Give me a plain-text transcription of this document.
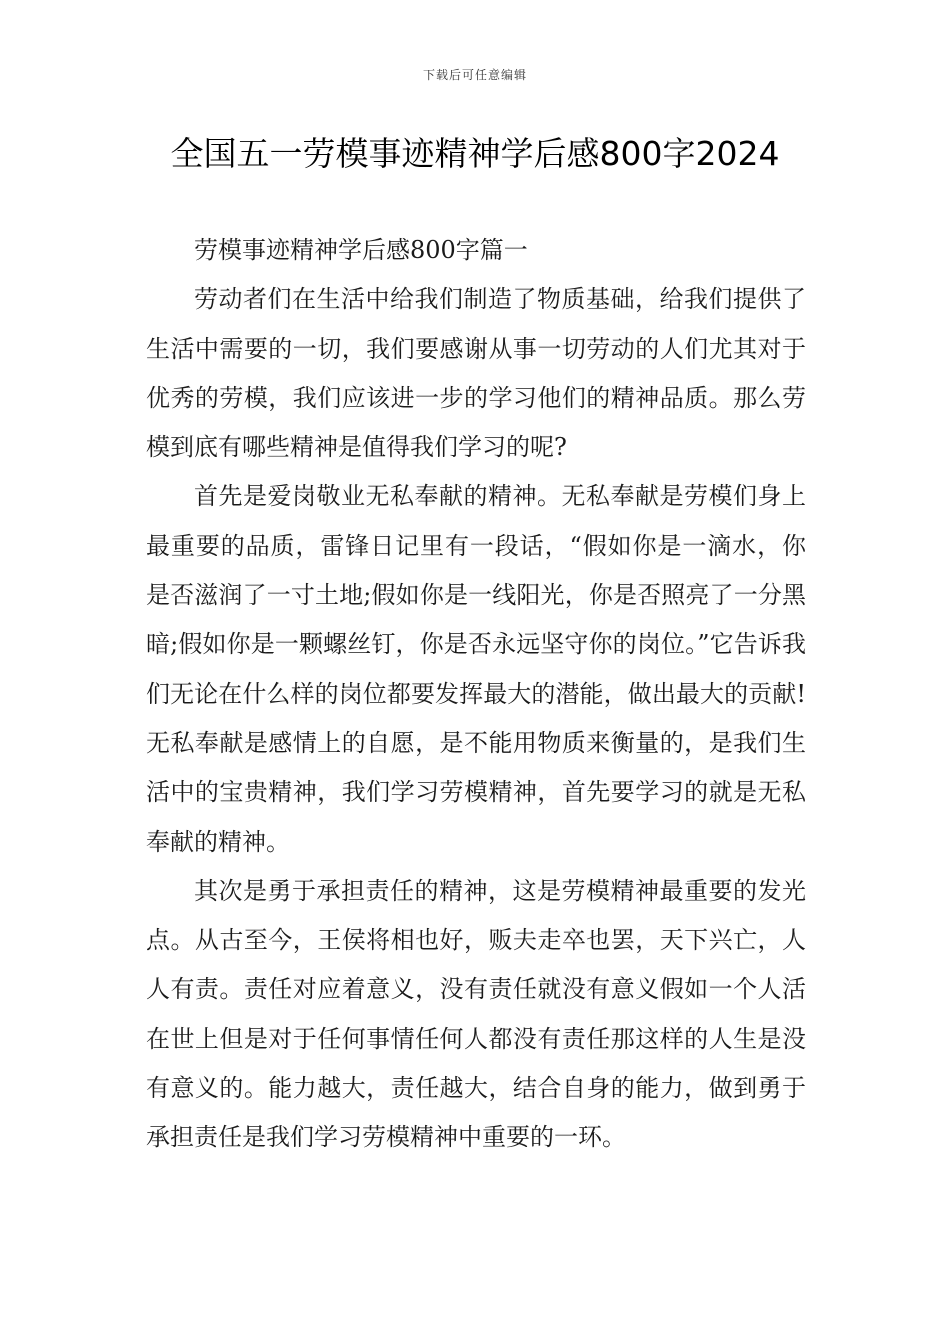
下载后可任意编辑
全国五一劳模事迹精神学后感800字2024

劳模事迹精神学后感800字篇一

劳动者们在生活中给我们制造了物质基础，给我们提供了生活中需要的一切，我们要感谢从事一切劳动的人们尤其对于优秀的劳模，我们应该进一步的学习他们的精神品质。那么劳模到底有哪些精神是值得我们学习的呢?

首先是爱岗敬业无私奉献的精神。无私奉献是劳模们身上最重要的品质，雷锋日记里有一段话，“假如你是一滴水，你是否滋润了一寸土地;假如你是一线阳光，你是否照亮了一分黑暗;假如你是一颗螺丝钉，你是否永远坚守你的岗位。”它告诉我们无论在什么样的岗位都要发挥最大的潜能，做出最大的贡献!无私奉献是感情上的自愿，是不能用物质来衡量的，是我们生活中的宝贵精神，我们学习劳模精神，首先要学习的就是无私奉献的精神。

其次是勇于承担责任的精神，这是劳模精神最重要的发光点。从古至今，王侯将相也好，贩夫走卒也罢，天下兴亡，人人有责。责任对应着意义，没有责任就没有意义假如一个人活在世上但是对于任何事情任何人都没有责任那这样的人生是没有意义的。能力越大，责任越大，结合自身的能力，做到勇于承担责任是我们学习劳模精神中重要的一环。
